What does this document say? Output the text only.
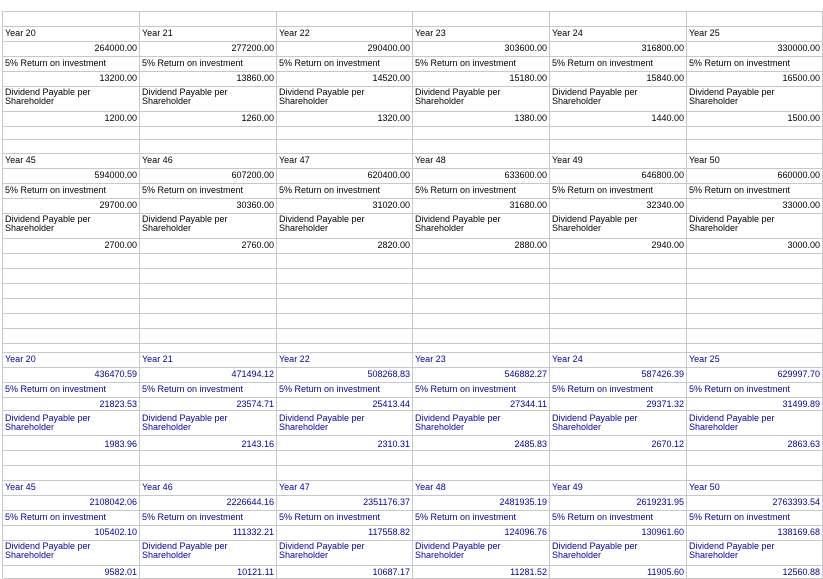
Year 20
264000.00
5% Return on investment
13200.00
Dividend Payable per Shareholder
1200.00
Year 21
277200.00
5% Return on investment
13860.00
Dividend Payable per Shareholder
1260.00
Year 22
290400.00
5% Return on investment
14520.00
Dividend Payable per Shareholder
1320.00
Year 23
303600.00
5% Return on investment
15180.00
Dividend Payable per Shareholder
1380.00
Year 24
316800.00
5% Return on investment
15840.00
Dividend Payable per Shareholder
1440.00
Year 25
330000.00
5% Return on investment
16500.00
Dividend Payable per Shareholder
1500.00
Year 45
594000.00
5% Return on investment
29700.00
Dividend Payable per Shareholder
2700.00
Year 46
607200.00
5% Return on investment
30360.00
Dividend Payable per Shareholder
2760.00
Year 47
620400.00
5% Return on investment
31020.00
Dividend Payable per Shareholder
2820.00
Year 48
633600.00
5% Return on investment
31680.00
Dividend Payable per Shareholder
2880.00
Year 49
646800.00
5% Return on investment
32340.00
Dividend Payable per Shareholder
2940.00
Year 50
660000.00
5% Return on investment
33000.00
Dividend Payable per Shareholder
3000.00
Year 20
436470.59
5% Return on investment
21823.53
Dividend Payable per Shareholder
1983.96
Year 21
471494.12
5% Return on investment
23574.71
Dividend Payable per Shareholder
2143.16
Year 22
508268.83
5% Return on investment
25413.44
Dividend Payable per Shareholder
2310.31
Year 23
546882.27
5% Return on investment
27344.11
Dividend Payable per Shareholder
2485.83
Year 24
587426.39
5% Return on investment
29371.32
Dividend Payable per Shareholder
2670.12
Year 25
629997.70
5% Return on investment
31499.89
Dividend Payable per Shareholder
2863.63
Year 45
2108042.06
5% Return on investment
105402.10
Dividend Payable per Shareholder
9582.01
Year 46
2226644.16
5% Return on investment
111332.21
Dividend Payable per Shareholder
10121.11
Year 47
2351176.37
5% Return on investment
117558.82
Dividend Payable per Shareholder
10687.17
Year 48
2481935.19
5% Return on investment
124096.76
Dividend Payable per Shareholder
11281.52
Year 49
2619231.95
5% Return on investment
130961.60
Dividend Payable per Shareholder
11905.60
Year 50
2763393.54
5% Return on investment
138169.68
Dividend Payable per Shareholder
12560.88
